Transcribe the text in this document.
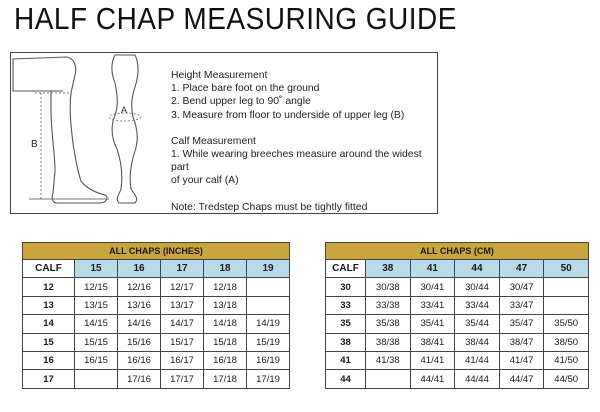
HALF CHAP MEASURING GUIDE
B
A
Height Measurement
1. Place bare foot on the ground
2. Bend upper leg to 90˚ angle
3. Measure from floor to underside of upper leg (B)
Calf Measurement
1. While wearing breeches measure around the widest part
of your calf (A)
Note: Tredstep Chaps must be tightly fitted
ALL CHAPS (INCHES)					
CALF	15	16	17	18	19
12	12/15	12/16	12/17	12/18	
13	13/15	13/16	13/17	13/18	
14	14/15	14/16	14/17	14/18	14/19
15	15/15	15/16	15/17	15/18	15/19
16	16/15	16/16	16/17	16/18	16/19
17		17/16	17/17	17/18	17/19
ALL CHAPS (CM)					
CALF	38	41	44	47	50
30	30/38	30/41	30/44	30/47	
33	33/38	33/41	33/44	33/47	
35	35/38	35/41	35/44	35/47	35/50
38	38/38	38/41	38/44	38/47	38/50
41	41/38	41/41	41/44	41/47	41/50
44		44/41	44/44	44/47	44/50
